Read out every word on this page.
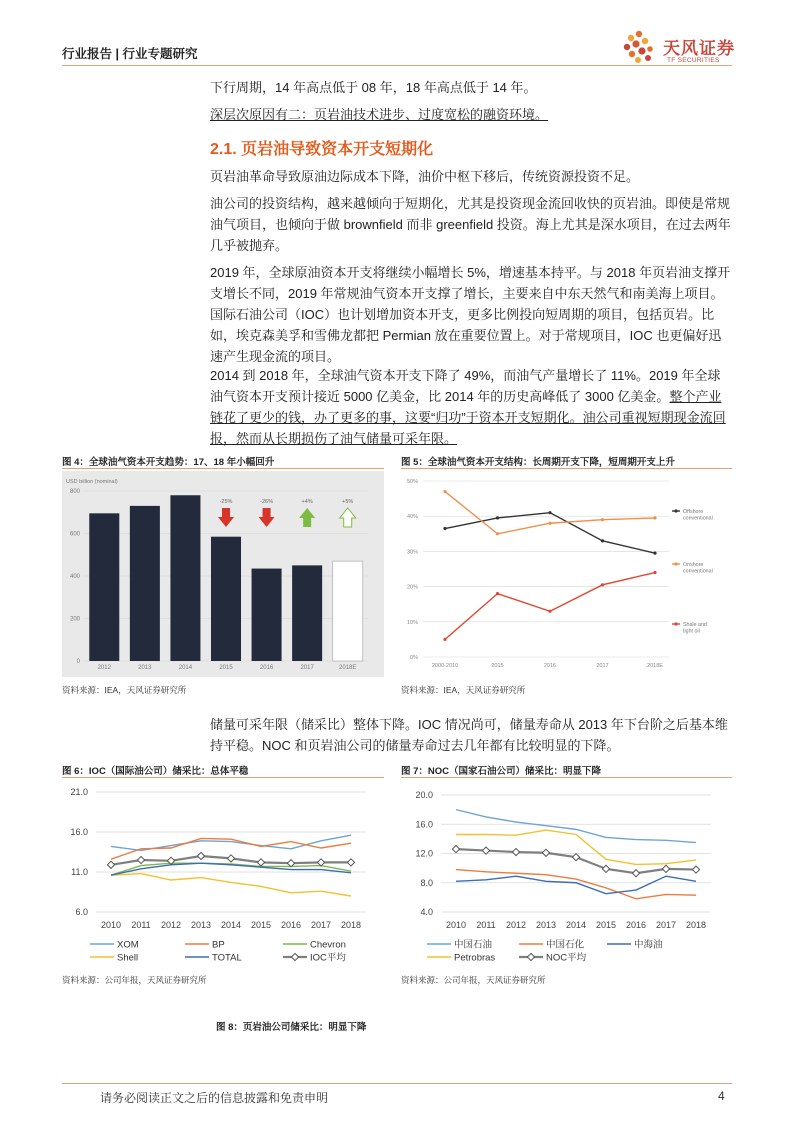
行业报告 | 行业专题研究	天风证券
TF SECURITIES
下行周期，14 年高点低于 08 年，18 年高点低于 14 年。
深层次原因有二：页岩油技术进步、过度宽松的融资环境。
2.1. 页岩油导致资本开支短期化
页岩油革命导致原油边际成本下降，油价中枢下移后，传统资源投资不足。
油公司的投资结构，越来越倾向于短期化，尤其是投资现金流回收快的页岩油。即使是常规油气项目，也倾向于做 brownfield 而非 greenfield 投资。海上尤其是深水项目，在过去两年几乎被抛弃。
2019 年，全球原油资本开支将继续小幅增长 5%，增速基本持平。与 2018 年页岩油支撑开支增长不同，2019 年常规油气资本开支撑了增长，主要来自中东天然气和南美海上项目。国际石油公司（IOC）也计划增加资本开支，更多比例投向短周期的项目，包括页岩。比如，埃克森美孚和雪佛龙都把 Permian 放在重要位置上。对于常规项目，IOC 也更偏好迅速产生现金流的项目。
2014 到 2018 年，全球油气资本开支下降了 49%，而油气产量增长了 11%。2019 年全球油气资本开支预计接近 5000 亿美金，比 2014 年的历史高峰低了 3000 亿美金。整个产业链花了更少的钱，办了更多的事，这要“归功”于资本开支短期化。油公司重视短期现金流回报，然而从长期损伤了油气储量可采年限。
图 4：全球油气资本开支趋势：17、18 年小幅回升	图 5：全球油气资本开支结构：长周期开支下降，短周期开支上升
USD billion (nominal)
0
200
400
600
800
2012	2013	2014	2015	2016	2017	2018E
-25%	-26%	+4%	+5%
0%
10%
20%
30%
40%
50%
2000-2010	2015	2016	2017	2018E
Offshore conventional
Onshore conventional
Shale and tight oil
资料来源：IEA，天风证券研究所	资料来源：IEA，天风证券研究所
储量可采年限（储采比）整体下降。IOC 情况尚可，储量寿命从 2013 年下台阶之后基本维持平稳。NOC 和页岩油公司的储量寿命过去几年都有比较明显的下降。
图 6：IOC（国际油公司）储采比：总体平稳	图 7：NOC（国家石油公司）储采比：明显下降
6.0
11.0
16.0
21.0
2010 2011 2012 2013 2014 2015 2016 2017 2018
XOM	BP	Chevron
Shell	TOTAL	IOC平均
4.0
8.0
12.0
16.0
20.0
2010 2011 2012 2013 2014 2015 2016 2017 2018
中国石油	中国石化	中海油
Petrobras	NOC平均
资料来源：公司年报，天风证券研究所	资料来源：公司年报，天风证券研究所
图 8：页岩油公司储采比：明显下降
请务必阅读正文之后的信息披露和免责申明	4
